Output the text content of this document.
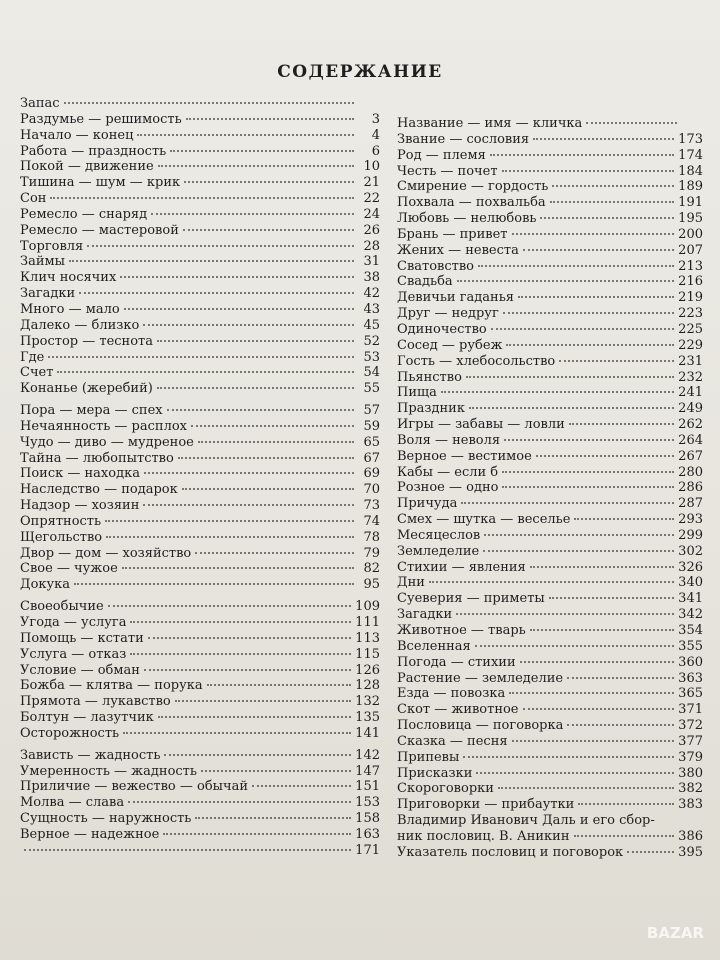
СОДЕРЖАНИЕ
Запас
Раздумье — решимость	3
Начало — конец	4
Работа — праздность	6
Покой — движение	10
Тишина — шум — крик	21
Сон	22
Ремесло — снаряд	24
Ремесло — мастеровой	26
Торговля	28
Займы	31
Клич носячих	38
Загадки	42
Много — мало	43
Далеко — близко	45
Простор — теснота	52
Где	53
Счет	54
Конанье (жеребий)	55
Пора — мера — спех	57
Нечаянность — расплох	59
Чудо — диво — мудреное	65
Тайна — любопытство	67
Поиск — находка	69
Наследство — подарок	70
Надзор — хозяин	73
Опрятность	74
Щегольство	78
Двор — дом — хозяйство	79
Свое — чужое	82
Докука	95
Своеобычие	109
Угода — услуга	111
Помощь — кстати	113
Услуга — отказ	115
Условие — обман	126
Божба — клятва — порука	128
Прямота — лукавство	132
Болтун — лазутчик	135
Осторожность	141
Зависть — жадность	142
Умеренность — жадность	147
Приличие — вежество — обычай	151
Молва — слава	153
Сущность — наружность	158
Верное — надежное	163
171
Название — имя — кличка
Звание — сословия	173
Род — племя	174
Честь — почет	184
Смирение — гордость	189
Похвала — похвальба	191
Любовь — нелюбовь	195
Брань — привет	200
Жених — невеста	207
Сватовство	213
Свадьба	216
Девичьи гаданья	219
Друг — недруг	223
Одиночество	225
Сосед — рубеж	229
Гость — хлебосольство	231
Пьянство	232
Пища	241
Праздник	249
Игры — забавы — ловли	262
Воля — неволя	264
Верное — вестимое	267
Кабы — если б	280
Розное — одно	286
Причуда	287
Смех — шутка — веселье	293
Месяцеслов	299
Земледелие	302
Стихии — явления	326
Дни	340
Суеверия — приметы	341
Загадки	342
Животное — тварь	354
Вселенная	355
Погода — стихии	360
Растение — земледелие	363
Езда — повозка	365
Скот — животное	371
Пословица — поговорка	372
Сказка — песня	377
Припевы	379
Присказки	380
Скороговорки	382
Приговорки — прибаутки	383
Владимир Иванович Даль и его сбор-
ник пословиц. В. Аникин	386
Указатель пословиц и поговорок	395
BAZAR
